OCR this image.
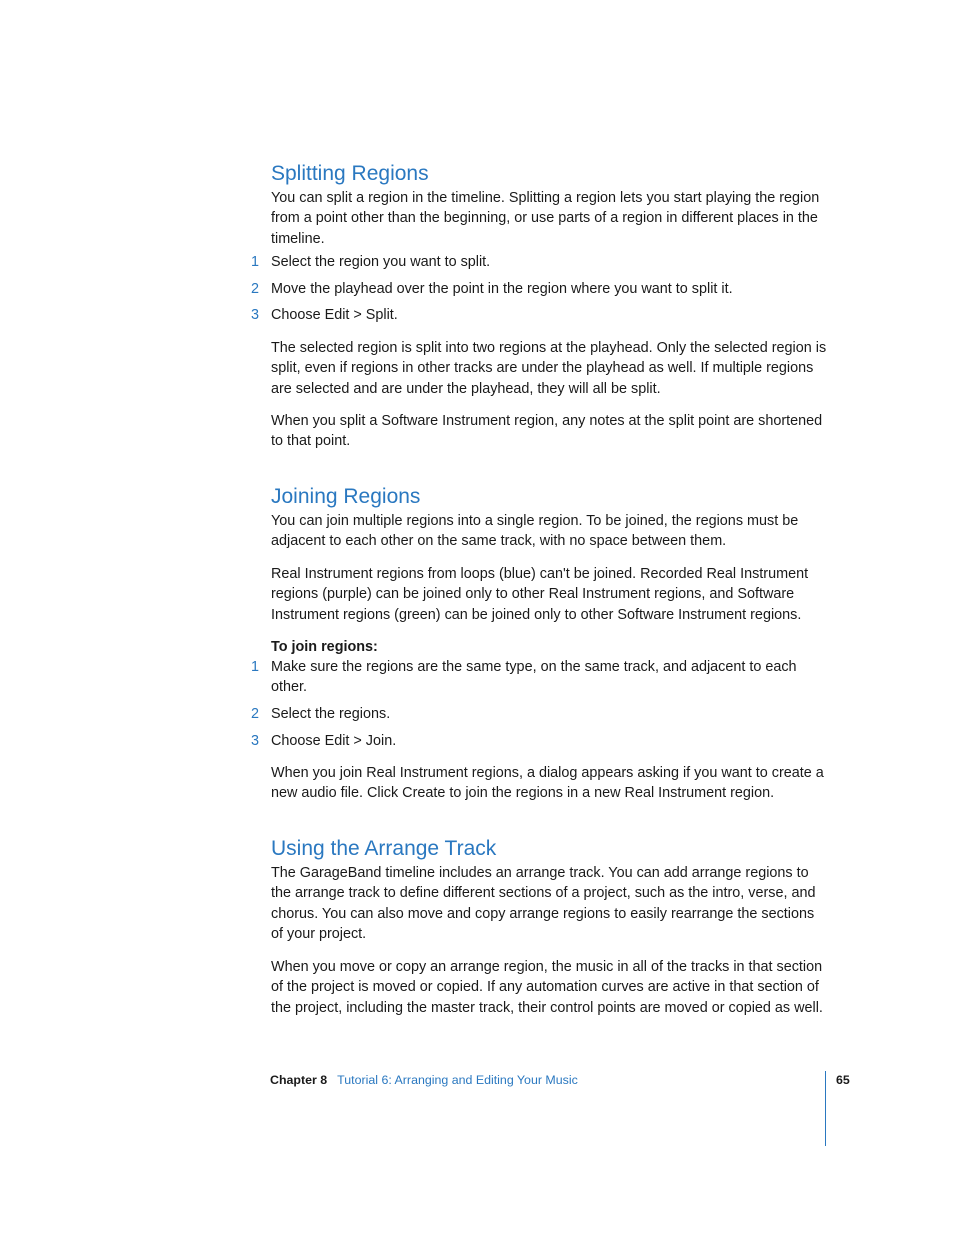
Splitting Regions

You can split a region in the timeline. Splitting a region lets you start playing the region from a point other than the beginning, or use parts of a region in different places in the timeline.

1 Select the region you want to split.
2 Move the playhead over the point in the region where you want to split it.
3 Choose Edit > Split.

The selected region is split into two regions at the playhead. Only the selected region is split, even if regions in other tracks are under the playhead as well. If multiple regions are selected and are under the playhead, they will all be split.

When you split a Software Instrument region, any notes at the split point are shortened to that point.

Joining Regions

You can join multiple regions into a single region. To be joined, the regions must be adjacent to each other on the same track, with no space between them.

Real Instrument regions from loops (blue) can't be joined. Recorded Real Instrument regions (purple) can be joined only to other Real Instrument regions, and Software Instrument regions (green) can be joined only to other Software Instrument regions.

To join regions:

1 Make sure the regions are the same type, on the same track, and adjacent to each other.
2 Select the regions.
3 Choose Edit > Join.

When you join Real Instrument regions, a dialog appears asking if you want to create a new audio file. Click Create to join the regions in a new Real Instrument region.

Using the Arrange Track

The GarageBand timeline includes an arrange track. You can add arrange regions to the arrange track to define different sections of a project, such as the intro, verse, and chorus. You can also move and copy arrange regions to easily rearrange the sections of your project.

When you move or copy an arrange region, the music in all of the tracks in that section of the project is moved or copied. If any automation curves are active in that section of the project, including the master track, their control points are moved or copied as well.

Chapter 8 Tutorial 6: Arranging and Editing Your Music	65
